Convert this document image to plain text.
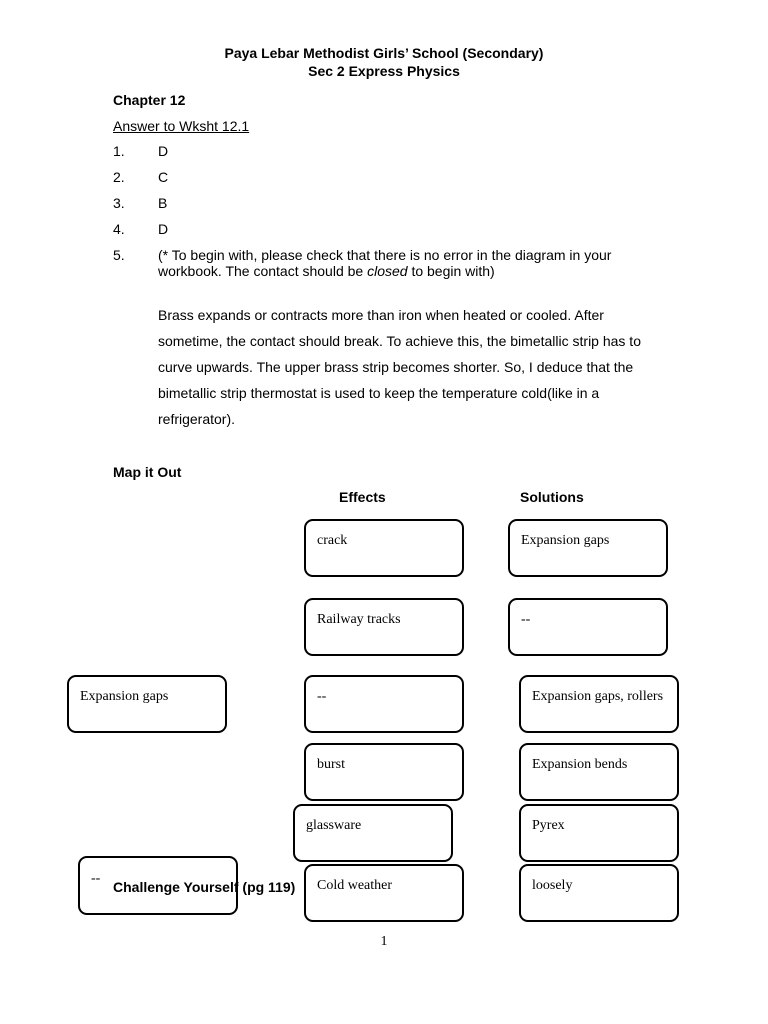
Paya Lebar Methodist Girls’ School (Secondary)
Sec 2 Express Physics
Chapter 12
Answer to Wksht 12.1
1. D
2. C
3. B
4. D
5. (* To begin with, please check that there is no error in the diagram in your workbook. The contact should be closed to begin with)
Brass expands or contracts more than iron when heated or cooled. After sometime, the contact should break. To achieve this, the bimetallic strip has to curve upwards. The upper brass strip becomes shorter. So, I deduce that the bimetallic strip thermostat is used to keep the temperature cold(like in a refrigerator).
Map it Out
Effects	Solutions
Expansion gaps
--
crack
Railway tracks
--
burst
glassware
Cold weather
Expansion gaps
--
Expansion gaps, rollers
Expansion bends
Pyrex
loosely
Challenge Yourself (pg 119)
1
